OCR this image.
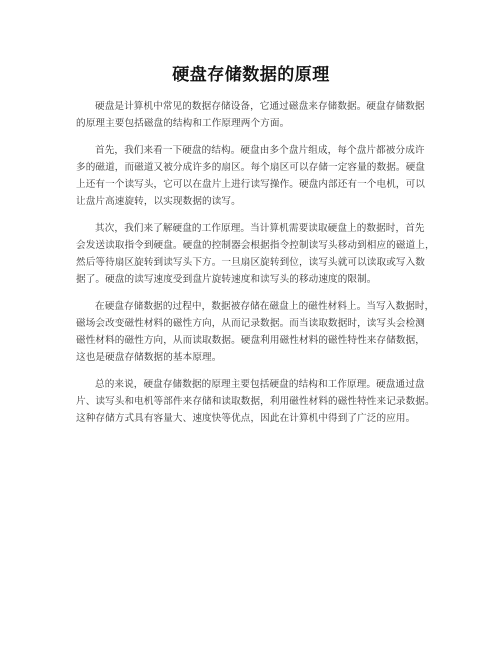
硬盘存储数据的原理

硬盘是计算机中常见的数据存储设备，它通过磁盘来存储数据。硬盘存储数据
的原理主要包括磁盘的结构和工作原理两个方面。

首先，我们来看一下硬盘的结构。硬盘由多个盘片组成，每个盘片都被分成许
多的磁道，而磁道又被分成许多的扇区。每个扇区可以存储一定容量的数据。硬盘
上还有一个读写头，它可以在盘片上进行读写操作。硬盘内部还有一个电机，可以
让盘片高速旋转，以实现数据的读写。

其次，我们来了解硬盘的工作原理。当计算机需要读取硬盘上的数据时，首先
会发送读取指令到硬盘。硬盘的控制器会根据指令控制读写头移动到相应的磁道上，
然后等待扇区旋转到读写头下方。一旦扇区旋转到位，读写头就可以读取或写入数
据了。硬盘的读写速度受到盘片旋转速度和读写头的移动速度的限制。

在硬盘存储数据的过程中，数据被存储在磁盘上的磁性材料上。当写入数据时，
磁场会改变磁性材料的磁性方向，从而记录数据。而当读取数据时，读写头会检测
磁性材料的磁性方向，从而读取数据。硬盘利用磁性材料的磁性特性来存储数据，
这也是硬盘存储数据的基本原理。

总的来说，硬盘存储数据的原理主要包括硬盘的结构和工作原理。硬盘通过盘
片、读写头和电机等部件来存储和读取数据，利用磁性材料的磁性特性来记录数据。
这种存储方式具有容量大、速度快等优点，因此在计算机中得到了广泛的应用。
